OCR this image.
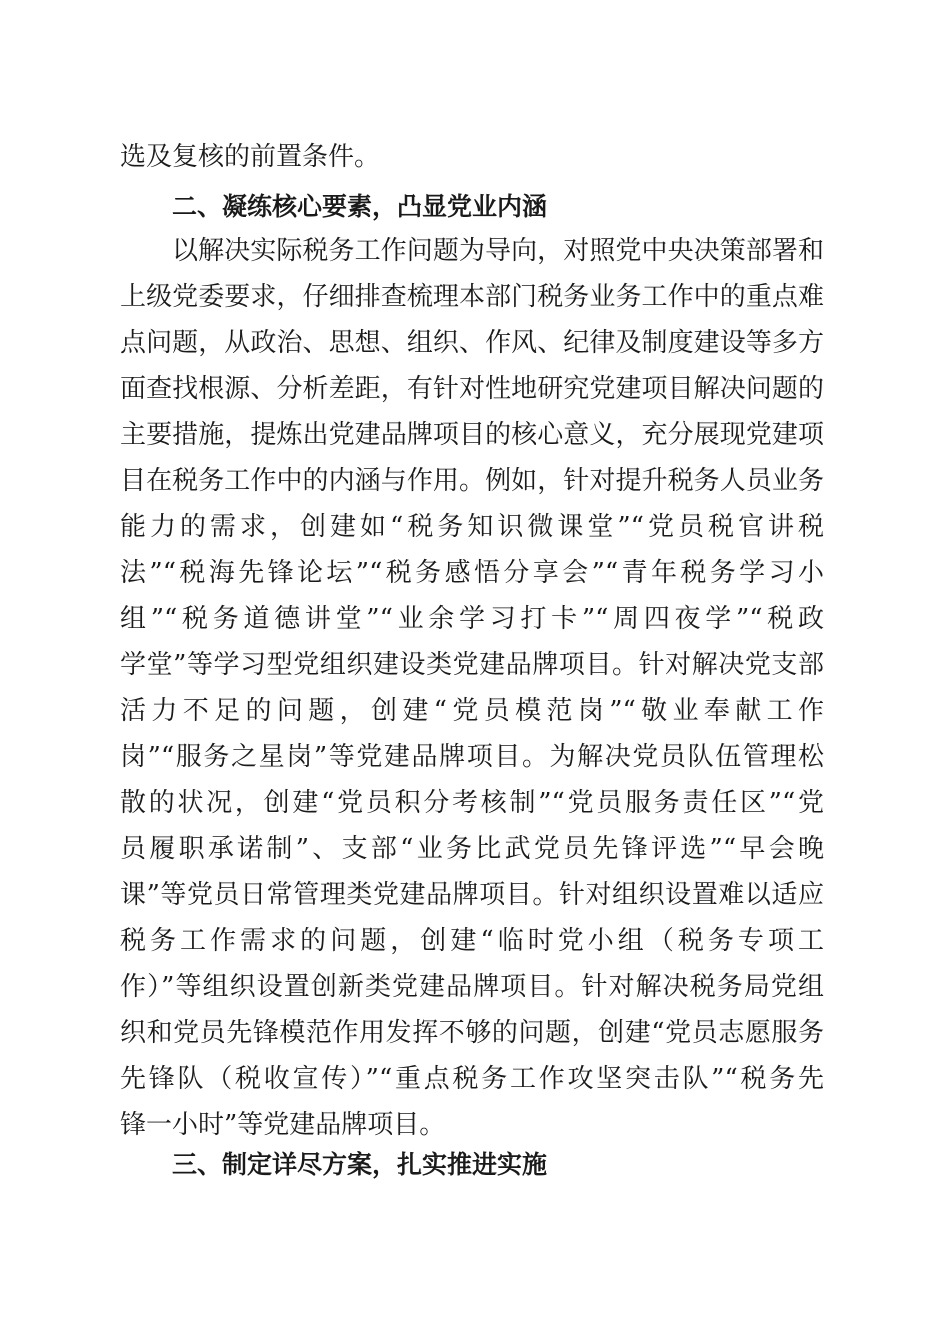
选及复核的前置条件。
二、凝练核心要素，凸显党业内涵
以解决实际税务工作问题为导向，对照党中央决策部署和
上级党委要求，仔细排查梳理本部门税务业务工作中的重点难
点问题，从政治、思想、组织、作风、纪律及制度建设等多方
面查找根源、分析差距，有针对性地研究党建项目解决问题的
主要措施，提炼出党建品牌项目的核心意义，充分展现党建项
目在税务工作中的内涵与作用。例如，针对提升税务人员业务
能力的需求，创建如“税务知识微课堂”“党员税官讲税
法”“税海先锋论坛”“税务感悟分享会”“青年税务学习小
组”“税务道德讲堂”“业余学习打卡”“周四夜学”“税政
学堂”等学习型党组织建设类党建品牌项目。针对解决党支部
活力不足的问题，创建“党员模范岗”“敬业奉献工作
岗”“服务之星岗”等党建品牌项目。为解决党员队伍管理松
散的状况，创建“党员积分考核制”“党员服务责任区”“党
员履职承诺制”、支部“业务比武党员先锋评选”“早会晚
课”等党员日常管理类党建品牌项目。针对组织设置难以适应
税务工作需求的问题，创建“临时党小组（税务专项工
作）”等组织设置创新类党建品牌项目。针对解决税务局党组
织和党员先锋模范作用发挥不够的问题，创建“党员志愿服务
先锋队（税收宣传）”“重点税务工作攻坚突击队”“税务先
锋一小时”等党建品牌项目。
三、制定详尽方案，扎实推进实施
